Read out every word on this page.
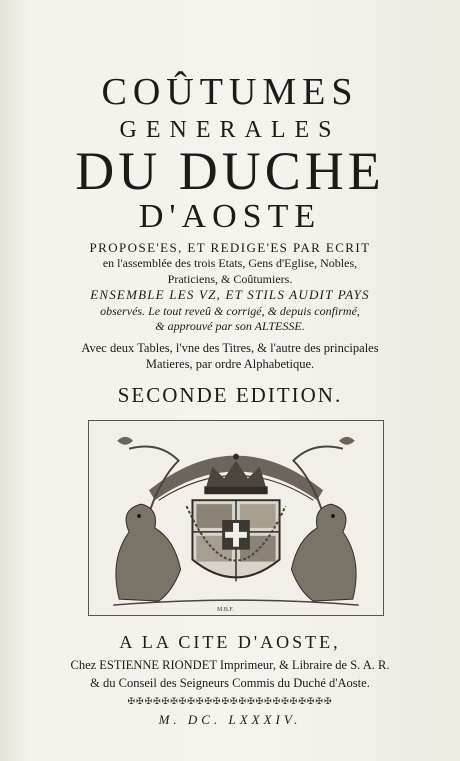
COÛTUMES
GENERALES
DU DUCHE
D'AOSTE
PROPOSE'ES, ET REDIGE'ES PAR ECRIT
en l'assemblée des trois Etats, Gens d'Eglise, Nobles,
Praticiens, & Coûtumiers.
ENSEMBLE LES VZ, ET STILS AUDIT PAYS
observés. Le tout reveû & corrigé, & depuis confirmé,
& approuvé par son ALTESSE.
Avec deux Tables, l'vne des Titres, & l'autre des principales
Matieres, par ordre Alphabetique.
SECONDE EDITION.
M.B.F.
A LA CITE D'AOSTE,
Chez ESTIENNE RIONDET Imprimeur, & Libraire de S. A. R.
& du Conseil des Seigneurs Commis du Duché d'Aoste.
✠✠✠✠✠✠✠✠✠✠✠✠✠✠✠✠✠✠✠✠✠✠✠✠
M. DC. LXXXIV.
